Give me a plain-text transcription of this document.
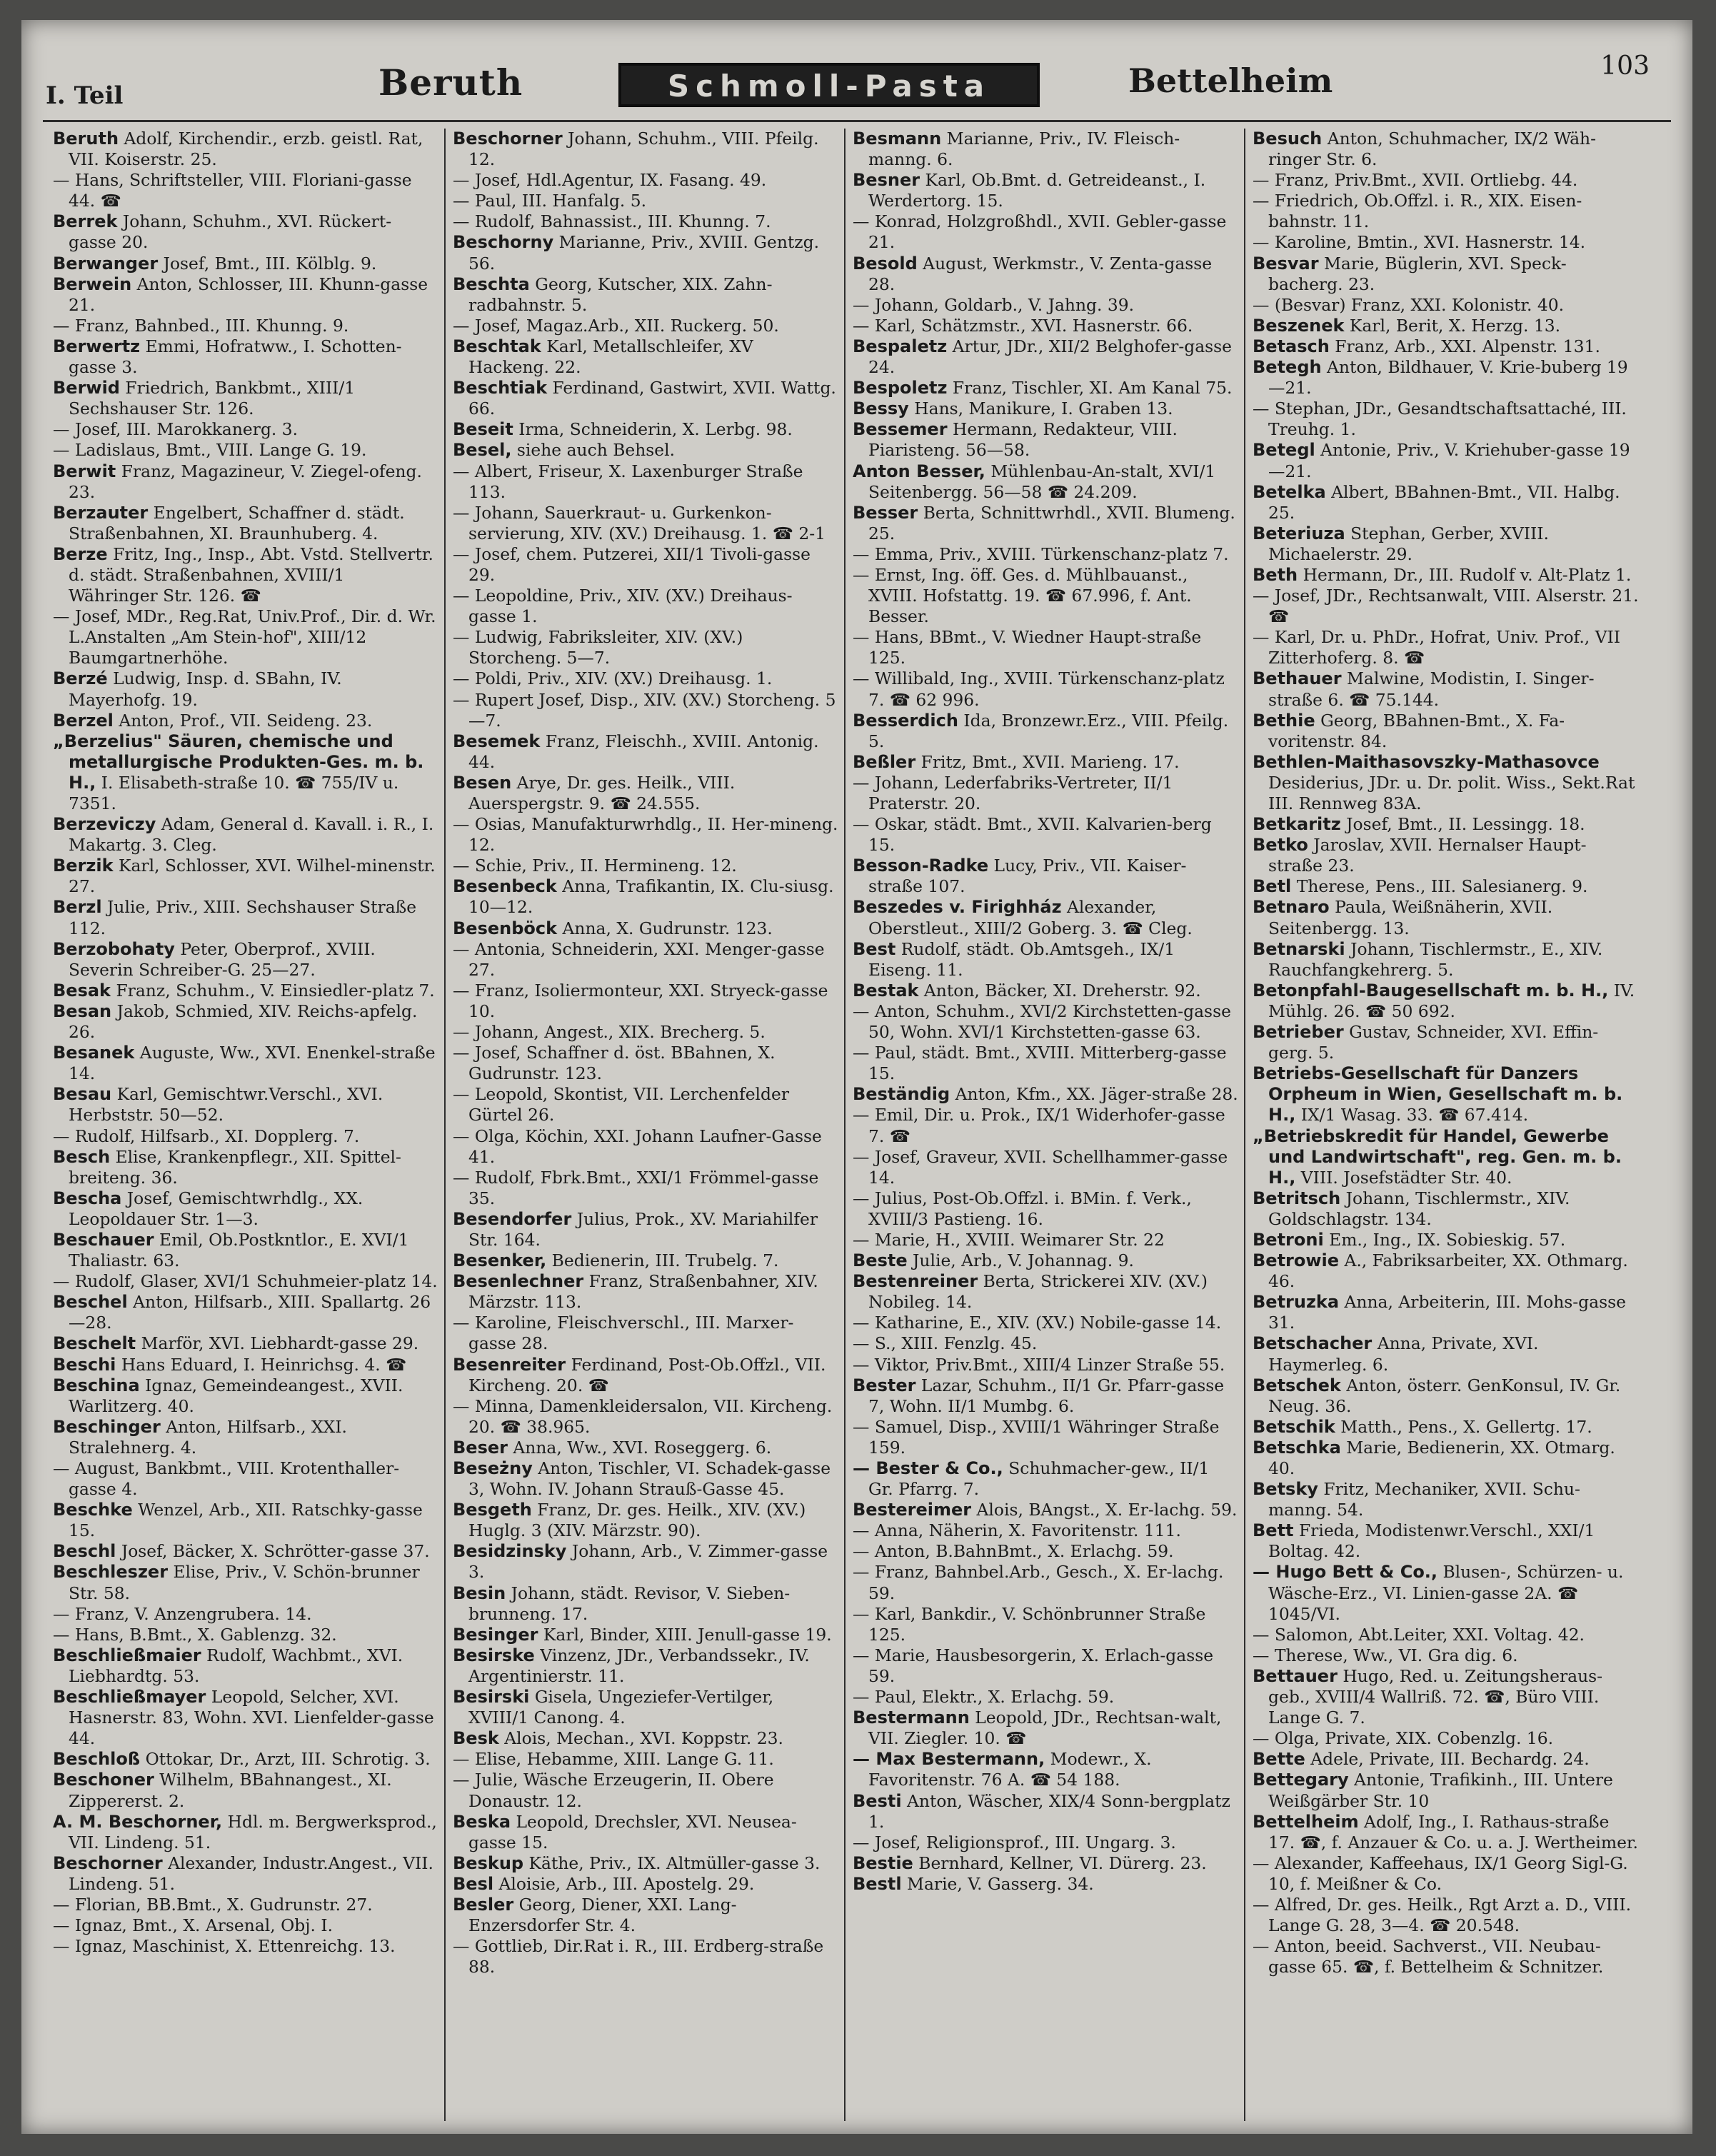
I. Teil	Beruth	Schmoll-Pasta	Bettelheim	103

Beruth Adolf, Kirchendir., erzb. geistl. Rat, VII. Koiserstr. 25.

— Hans, Schriftsteller, VIII. Floriani-gasse 44. ☎

Berrek Johann, Schuhm., XVI. Rückert-gasse 20.

Berwanger Josef, Bmt., III. Kölblg. 9.

Berwein Anton, Schlosser, III. Khunn-gasse 21.

— Franz, Bahnbed., III. Khunng. 9.

Berwertz Emmi, Hofratww., I. Schotten-gasse 3.

Berwid Friedrich, Bankbmt., XIII/1 Sechshauser Str. 126.

— Josef, III. Marokkanerg. 3.

— Ladislaus, Bmt., VIII. Lange G. 19.

Berwit Franz, Magazineur, V. Ziegel-ofeng. 23.

Berzauter Engelbert, Schaffner d. städt. Straßenbahnen, XI. Braunhuberg. 4.

Berze Fritz, Ing., Insp., Abt. Vstd. Stellvertr. d. städt. Straßenbahnen, XVIII/1 Währinger Str. 126. ☎

— Josef, MDr., Reg.Rat, Univ.Prof., Dir. d. Wr. L.Anstalten „Am Stein-hof", XIII/12 Baumgartnerhöhe.

Berzé Ludwig, Insp. d. SBahn, IV. Mayerhofg. 19.

Berzel Anton, Prof., VII. Seideng. 23.

„Berzelius" Säuren, chemische und metallurgische Produkten-Ges. m. b. H., I. Elisabeth-straße 10. ☎ 755/IV u. 7351.

Berzeviczy Adam, General d. Kavall. i. R., I. Makartg. 3. Cleg.

Berzik Karl, Schlosser, XVI. Wilhel-minenstr. 27.

Berzl Julie, Priv., XIII. Sechshauser Straße 112.

Berzobohaty Peter, Oberprof., XVIII. Severin Schreiber-G. 25—27.

Besak Franz, Schuhm., V. Einsiedler-platz 7.

Besan Jakob, Schmied, XIV. Reichs-apfelg. 26.

Besanek Auguste, Ww., XVI. Enenkel-straße 14.

Besau Karl, Gemischtwr.Verschl., XVI. Herbststr. 50—52.

— Rudolf, Hilfsarb., XI. Dopplerg. 7.

Besch Elise, Krankenpflegr., XII. Spittel-breiteng. 36.

Bescha Josef, Gemischtwrhdlg., XX. Leopoldauer Str. 1—3.

Beschauer Emil, Ob.Postkntlor., E. XVI/1 Thaliastr. 63.

— Rudolf, Glaser, XVI/1 Schuhmeier-platz 14.

Beschel Anton, Hilfsarb., XIII. Spallartg. 26—28.

Beschelt Marför, XVI. Liebhardt-gasse 29.

Beschi Hans Eduard, I. Heinrichsg. 4. ☎

Beschina Ignaz, Gemeindeangest., XVII. Warlitzerg. 40.

Beschinger Anton, Hilfsarb., XXI. Stralehnerg. 4.

— August, Bankbmt., VIII. Krotenthaller-gasse 4.

Beschke Wenzel, Arb., XII. Ratschky-gasse 15.

Beschl Josef, Bäcker, X. Schrötter-gasse 37.

Beschleszer Elise, Priv., V. Schön-brunner Str. 58.

— Franz, V. Anzengrubera. 14.

— Hans, B.Bmt., X. Gablenzg. 32.

Beschließmaier Rudolf, Wachbmt., XVI. Liebhardtg. 53.

Beschließmayer Leopold, Selcher, XVI. Hasnerstr. 83, Wohn. XVI. Lienfelder-gasse 44.

Beschloß Ottokar, Dr., Arzt, III. Schrotig. 3.

Beschoner Wilhelm, BBahnangest., XI. Zippererst. 2.

A. M. Beschorner, Hdl. m. Bergwerksprod., VII. Lindeng. 51.

Beschorner Alexander, Industr.Angest., VII. Lindeng. 51.

— Florian, BB.Bmt., X. Gudrunstr. 27.

— Ignaz, Bmt., X. Arsenal, Obj. I.

— Ignaz, Maschinist, X. Ettenreichg. 13.

Beschorner Johann, Schuhm., VIII. Pfeilg. 12.

— Josef, Hdl.Agentur, IX. Fasang. 49.

— Paul, III. Hanfalg. 5.

— Rudolf, Bahnassist., III. Khunng. 7.

Beschorny Marianne, Priv., XVIII. Gentzg. 56.

Beschta Georg, Kutscher, XIX. Zahn-radbahnstr. 5.

— Josef, Magaz.Arb., XII. Ruckerg. 50.

Beschtak Karl, Metallschleifer, XV Hackeng. 22.

Beschtiak Ferdinand, Gastwirt, XVII. Wattg. 66.

Beseit Irma, Schneiderin, X. Lerbg. 98.

Besel, siehe auch Behsel.

— Albert, Friseur, X. Laxenburger Straße 113.

— Johann, Sauerkraut- u. Gurkenkon-servierung, XIV. (XV.) Dreihausg. 1. ☎ 2-1

— Josef, chem. Putzerei, XII/1 Tivoli-gasse 29.

— Leopoldine, Priv., XIV. (XV.) Dreihaus-gasse 1.

— Ludwig, Fabriksleiter, XIV. (XV.) Storcheng. 5—7.

— Poldi, Priv., XIV. (XV.) Dreihausg. 1.

— Rupert Josef, Disp., XIV. (XV.) Storcheng. 5—7.

Besemek Franz, Fleischh., XVIII. Antonig. 44.

Besen Arye, Dr. ges. Heilk., VIII. Auerspergstr. 9. ☎ 24.555.

— Osias, Manufakturwrhdlg., II. Her-mineng. 12.

— Schie, Priv., II. Hermineng. 12.

Besenbeck Anna, Trafikantin, IX. Clu-siusg. 10—12.

Besenböck Anna, X. Gudrunstr. 123.

— Antonia, Schneiderin, XXI. Menger-gasse 27.

— Franz, Isoliermonteur, XXI. Stryeck-gasse 10.

— Johann, Angest., XIX. Brecherg. 5.

— Josef, Schaffner d. öst. BBahnen, X. Gudrunstr. 123.

— Leopold, Skontist, VII. Lerchenfelder Gürtel 26.

— Olga, Köchin, XXI. Johann Laufner-Gasse 41.

— Rudolf, Fbrk.Bmt., XXI/1 Frömmel-gasse 35.

Besendorfer Julius, Prok., XV. Mariahilfer Str. 164.

Besenker, Bedienerin, III. Trubelg. 7.

Besenlechner Franz, Straßenbahner, XIV. Märzstr. 113.

— Karoline, Fleischverschl., III. Marxer-gasse 28.

Besenreiter Ferdinand, Post-Ob.Offzl., VII. Kircheng. 20. ☎

— Minna, Damenkleidersalon, VII. Kircheng. 20. ☎ 38.965.

Beser Anna, Ww., XVI. Roseggerg. 6.

Beseżny Anton, Tischler, VI. Schadek-gasse 3, Wohn. IV. Johann Strauß-Gasse 45.

Besgeth Franz, Dr. ges. Heilk., XIV. (XV.) Huglg. 3 (XIV. Märzstr. 90).

Besidzinsky Johann, Arb., V. Zimmer-gasse 3.

Besin Johann, städt. Revisor, V. Sieben-brunneng. 17.

Besinger Karl, Binder, XIII. Jenull-gasse 19.

Besirske Vinzenz, JDr., Verbandssekr., IV. Argentinierstr. 11.

Besirski Gisela, Ungeziefer-Vertilger, XVIII/1 Canong. 4.

Besk Alois, Mechan., XVI. Koppstr. 23.

— Elise, Hebamme, XIII. Lange G. 11.

— Julie, Wäsche Erzeugerin, II. Obere Donaustr. 12.

Beska Leopold, Drechsler, XVI. Neusea-gasse 15.

Beskup Käthe, Priv., IX. Altmüller-gasse 3.

Besl Aloisie, Arb., III. Apostelg. 29.

Besler Georg, Diener, XXI. Lang-Enzersdorfer Str. 4.

— Gottlieb, Dir.Rat i. R., III. Erdberg-straße 88.

Besmann Marianne, Priv., IV. Fleisch-manng. 6.

Besner Karl, Ob.Bmt. d. Getreideanst., I. Werdertorg. 15.

— Konrad, Holzgroßhdl., XVII. Gebler-gasse 21.

Besold August, Werkmstr., V. Zenta-gasse 28.

— Johann, Goldarb., V. Jahng. 39.

— Karl, Schätzmstr., XVI. Hasnerstr. 66.

Bespaletz Artur, JDr., XII/2 Belghofer-gasse 24.

Bespoletz Franz, Tischler, XI. Am Kanal 75.

Bessy Hans, Manikure, I. Graben 13.

Bessemer Hermann, Redakteur, VIII. Piaristeng. 56—58.

Anton Besser, Mühlenbau-An-stalt, XVI/1 Seitenbergg. 56—58 ☎ 24.209.

Besser Berta, Schnittwrhdl., XVII. Blumeng. 25.

— Emma, Priv., XVIII. Türkenschanz-platz 7.

— Ernst, Ing. öff. Ges. d. Mühlbauanst., XVIII. Hofstattg. 19. ☎ 67.996, f. Ant. Besser.

— Hans, BBmt., V. Wiedner Haupt-straße 125.

— Willibald, Ing., XVIII. Türkenschanz-platz 7. ☎ 62 996.

Besserdich Ida, Bronzewr.Erz., VIII. Pfeilg. 5.

Beßler Fritz, Bmt., XVII. Marieng. 17.

— Johann, Lederfabriks-Vertreter, II/1 Praterstr. 20.

— Oskar, städt. Bmt., XVII. Kalvarien-berg 15.

Besson-Radke Lucy, Priv., VII. Kaiser-straße 107.

Beszedes v. Firighház Alexander, Oberstleut., XIII/2 Goberg. 3. ☎ Cleg.

Best Rudolf, städt. Ob.Amtsgeh., IX/1 Eiseng. 11.

Bestak Anton, Bäcker, XI. Dreherstr. 92.

— Anton, Schuhm., XVI/2 Kirchstetten-gasse 50, Wohn. XVI/1 Kirchstetten-gasse 63.

— Paul, städt. Bmt., XVIII. Mitterberg-gasse 15.

Beständig Anton, Kfm., XX. Jäger-straße 28.

— Emil, Dir. u. Prok., IX/1 Widerhofer-gasse 7. ☎

— Josef, Graveur, XVII. Schellhammer-gasse 14.

— Julius, Post-Ob.Offzl. i. BMin. f. Verk., XVIII/3 Pastieng. 16.

— Marie, H., XVIII. Weimarer Str. 22

Beste Julie, Arb., V. Johannag. 9.

Bestenreiner Berta, Strickerei XIV. (XV.) Nobileg. 14.

— Katharine, E., XIV. (XV.) Nobile-gasse 14.

— S., XIII. Fenzlg. 45.

— Viktor, Priv.Bmt., XIII/4 Linzer Straße 55.

Bester Lazar, Schuhm., II/1 Gr. Pfarr-gasse 7, Wohn. II/1 Mumbg. 6.

— Samuel, Disp., XVIII/1 Währinger Straße 159.

— Bester & Co., Schuhmacher-gew., II/1 Gr. Pfarrg. 7.

Bestereimer Alois, BAngst., X. Er-lachg. 59.

— Anna, Näherin, X. Favoritenstr. 111.

— Anton, B.BahnBmt., X. Erlachg. 59.

— Franz, Bahnbel.Arb., Gesch., X. Er-lachg. 59.

— Karl, Bankdir., V. Schönbrunner Straße 125.

— Marie, Hausbesorgerin, X. Erlach-gasse 59.

— Paul, Elektr., X. Erlachg. 59.

Bestermann Leopold, JDr., Rechtsan-walt, VII. Ziegler. 10. ☎

— Max Bestermann, Modewr., X. Favoritenstr. 76 A. ☎ 54 188.

Besti Anton, Wäscher, XIX/4 Sonn-bergplatz 1.

— Josef, Religionsprof., III. Ungarg. 3.

Bestie Bernhard, Kellner, VI. Dürerg. 23.

Bestl Marie, V. Gasserg. 34.

Besuch Anton, Schuhmacher, IX/2 Wäh-ringer Str. 6.

— Franz, Priv.Bmt., XVII. Ortliebg. 44.

— Friedrich, Ob.Offzl. i. R., XIX. Eisen-bahnstr. 11.

— Karoline, Bmtin., XVI. Hasnerstr. 14.

Besvar Marie, Büglerin, XVI. Speck-bacherg. 23.

— (Besvar) Franz, XXI. Kolonistr. 40.

Beszenek Karl, Berit, X. Herzg. 13.

Betasch Franz, Arb., XXI. Alpenstr. 131.

Betegh Anton, Bildhauer, V. Krie-buberg 19—21.

— Stephan, JDr., Gesandtschaftsattaché, III. Treuhg. 1.

Betegl Antonie, Priv., V. Kriehuber-gasse 19—21.

Betelka Albert, BBahnen-Bmt., VII. Halbg. 25.

Beteriuza Stephan, Gerber, XVIII. Michaelerstr. 29.

Beth Hermann, Dr., III. Rudolf v. Alt-Platz 1.

— Josef, JDr., Rechtsanwalt, VIII. Alserstr. 21. ☎

— Karl, Dr. u. PhDr., Hofrat, Univ. Prof., VII Zitterhoferg. 8. ☎

Bethauer Malwine, Modistin, I. Singer-straße 6. ☎ 75.144.

Bethie Georg, BBahnen-Bmt., X. Fa-voritenstr. 84.

Bethlen-Maithasovszky-Mathasovce Desiderius, JDr. u. Dr. polit. Wiss., Sekt.Rat III. Rennweg 83A.

Betkaritz Josef, Bmt., II. Lessingg. 18.

Betko Jaroslav, XVII. Hernalser Haupt-straße 23.

Betl Therese, Pens., III. Salesianerg. 9.

Betnaro Paula, Weißnäherin, XVII. Seitenbergg. 13.

Betnarski Johann, Tischlermstr., E., XIV. Rauchfangkehrerg. 5.

Betonpfahl-Baugesellschaft m. b. H., IV. Mühlg. 26. ☎ 50 692.

Betrieber Gustav, Schneider, XVI. Effin-gerg. 5.

Betriebs-Gesellschaft für Danzers Orpheum in Wien, Gesellschaft m. b. H., IX/1 Wasag. 33. ☎ 67.414.

„Betriebskredit für Handel, Gewerbe und Landwirtschaft", reg. Gen. m. b. H., VIII. Josefstädter Str. 40.

Betritsch Johann, Tischlermstr., XIV. Goldschlagstr. 134.

Betroni Em., Ing., IX. Sobieskig. 57.

Betrowie A., Fabriksarbeiter, XX. Othmarg. 46.

Betruzka Anna, Arbeiterin, III. Mohs-gasse 31.

Betschacher Anna, Private, XVI. Haymerleg. 6.

Betschek Anton, österr. GenKonsul, IV. Gr. Neug. 36.

Betschik Matth., Pens., X. Gellertg. 17.

Betschka Marie, Bedienerin, XX. Otmarg. 40.

Betsky Fritz, Mechaniker, XVII. Schu-manng. 54.

Bett Frieda, Modistenwr.Verschl., XXI/1 Boltag. 42.

— Hugo Bett & Co., Blusen-, Schürzen- u. Wäsche-Erz., VI. Linien-gasse 2A. ☎ 1045/VI.

— Salomon, Abt.Leiter, XXI. Voltag. 42.

— Therese, Ww., VI. Gra dig. 6.

Bettauer Hugo, Red. u. Zeitungsheraus-geb., XVIII/4 Wallriß. 72. ☎, Büro VIII. Lange G. 7.

— Olga, Private, XIX. Cobenzlg. 16.

Bette Adele, Private, III. Bechardg. 24.

Bettegary Antonie, Trafikinh., III. Untere Weißgärber Str. 10

Bettelheim Adolf, Ing., I. Rathaus-straße 17. ☎, f. Anzauer & Co. u. a. J. Wertheimer.

— Alexander, Kaffeehaus, IX/1 Georg Sigl-G. 10, f. Meißner & Co.

— Alfred, Dr. ges. Heilk., Rgt Arzt a. D., VIII. Lange G. 28, 3—4. ☎ 20.548.

— Anton, beeid. Sachverst., VII. Neubau-gasse 65. ☎, f. Bettelheim & Schnitzer.
